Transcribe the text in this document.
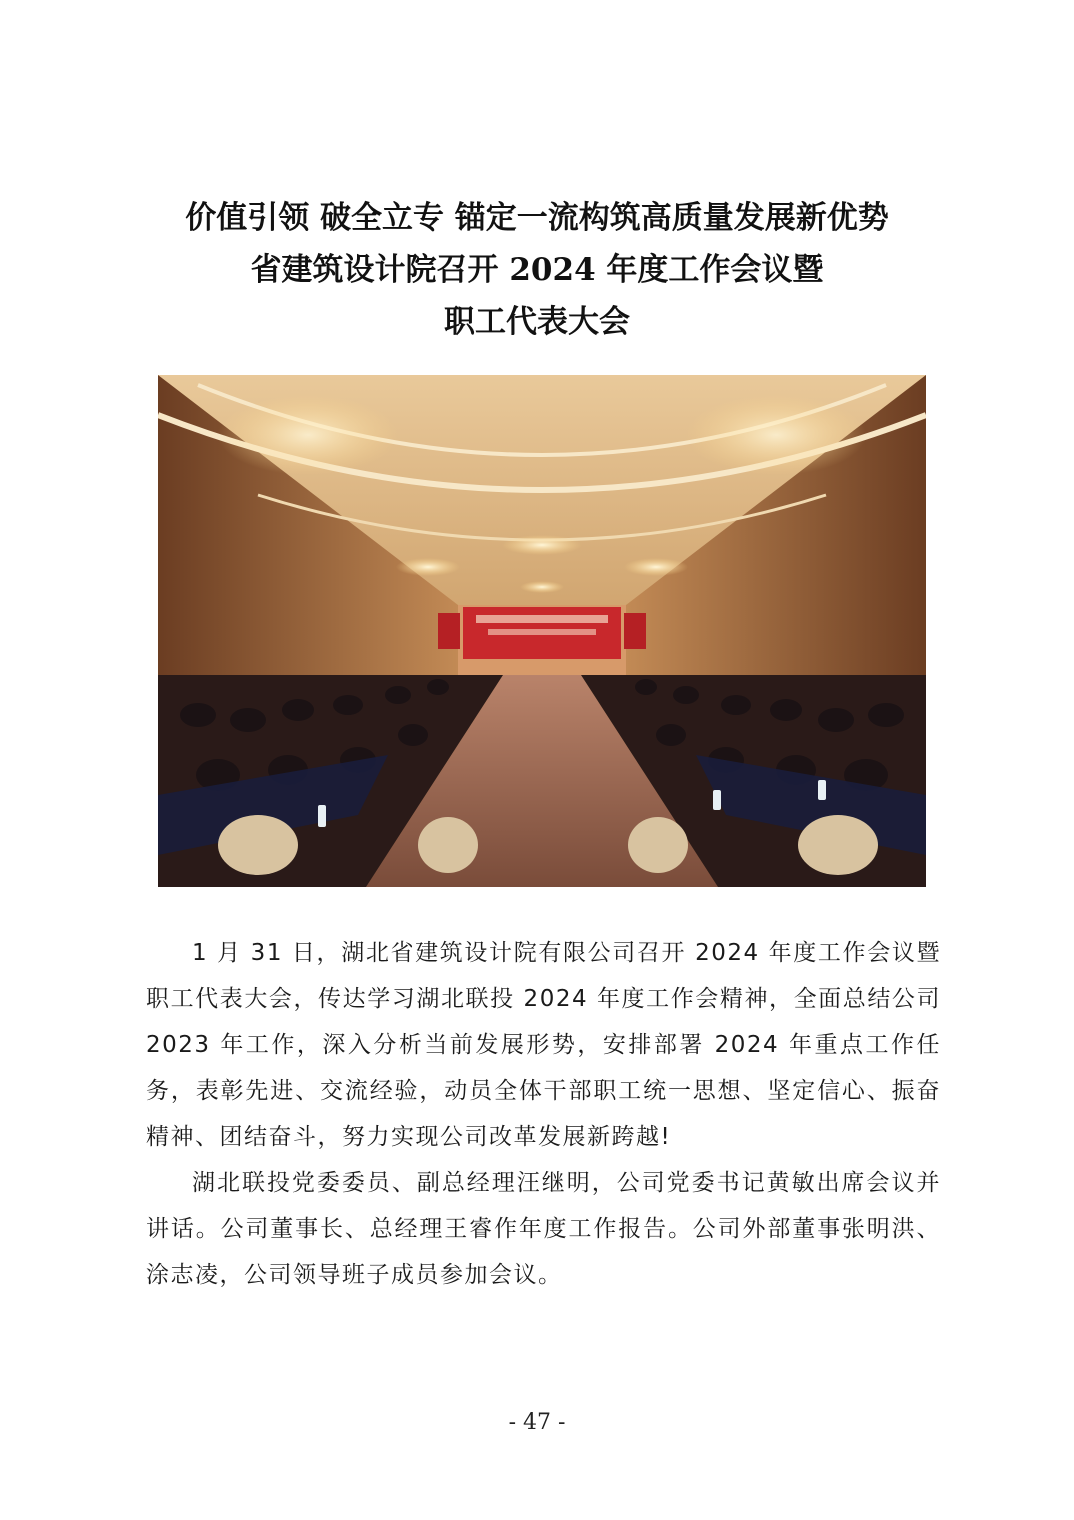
价值引领 破全立专 锚定一流构筑高质量发展新优势
省建筑设计院召开 2024 年度工作会议暨
职工代表大会

1 月 31 日，湖北省建筑设计院有限公司召开 2024 年度工作会议暨职工代表大会，传达学习湖北联投 2024 年度工作会精神，全面总结公司 2023 年工作，深入分析当前发展形势，安排部署 2024 年重点工作任务，表彰先进、交流经验，动员全体干部职工统一思想、坚定信心、振奋精神、团结奋斗，努力实现公司改革发展新跨越!

湖北联投党委委员、副总经理汪继明，公司党委书记黄敏出席会议并讲话。公司董事长、总经理王睿作年度工作报告。公司外部董事张明洪、涂志凌，公司领导班子成员参加会议。

- 47 -
